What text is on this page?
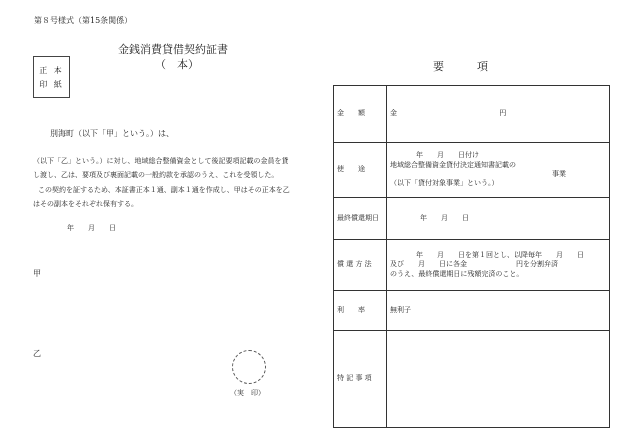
第８号様式（第15条関係）
金銭消費貸借契約証書
（　本）
正 本
印 紙
別海町（以下「甲」という。）は、
（以下「乙」という。）に対し、地域総合整備資金として後記要項記載の金員を貸
し渡し、乙は、要項及び裏面記載の一般約款を承認のうえ、これを受領した。
この契約を証するため、本証書正本１通、副本１通を作成し、甲はその正本を乙
はその副本をそれぞれ保有する。
年　　月　　日
甲
乙
（実　印）
要　　　項
金　　額	金 円
使　　途	年　　月　　日付け
地域総合整備資金貸付決定通知書記載の
事業
（以下「貸付対象事業」という。）

最終償還期日	年　　月　　日
償 還 方 法	年　　月　　日を第１回とし、以降毎年　　月　　日
及び　　月　　日に各金　　　　　　　円を分割弁済
のうえ、最終償還期日に残額完済のこと。

利　　率	無利子
特 記 事 項	
